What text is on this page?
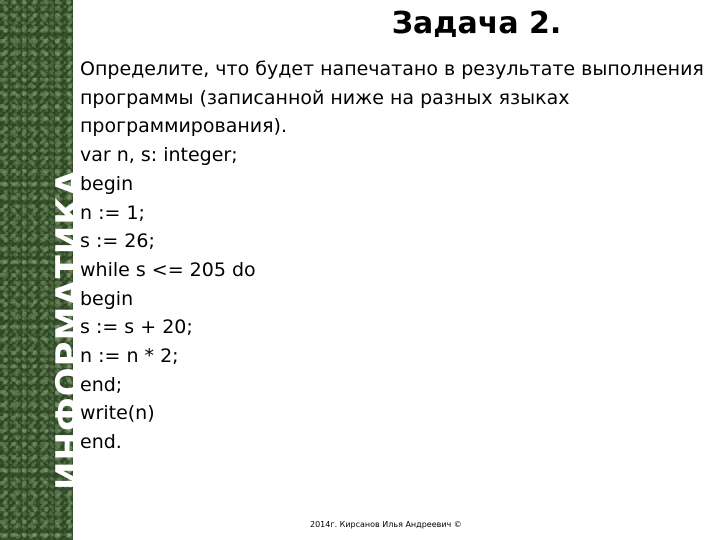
ИНФОРМАТИКА
Задача 2.
Определите, что будет напечатано в результате выполнения
программы (записанной ниже на разных языках
программирования).
var n, s: integer;
begin
n := 1;
s := 26;
while s <= 205 do
begin
s := s + 20;
n := n * 2;
end;
write(n)
end.
2014г. Кирсанов Илья Андреевич ©
